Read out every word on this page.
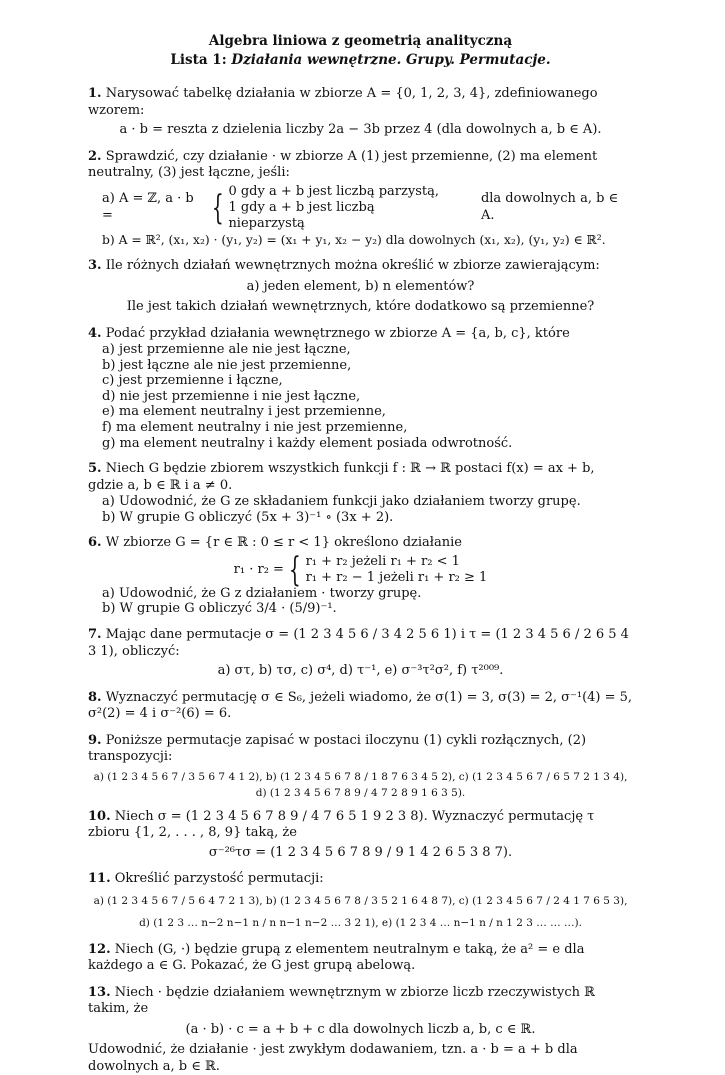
Algebra liniowa z geometrią analityczną
Lista 1: Działania wewnętrzne. Grupy. Permutacje.
1. Narysować tabelkę działania w zbiorze A = {0, 1, 2, 3, 4}, zdefiniowanego wzorem:
a · b = reszta z dzielenia liczby 2a − 3b przez 4 (dla dowolnych a, b ∈ A).
2. Sprawdzić, czy działanie · w zbiorze A (1) jest przemienne, (2) ma element neutralny, (3) jest łączne, jeśli:
a) A = ℤ, a · b =	{ 0 gdy a + b jest liczbą parzystą,
1 gdy a + b jest liczbą nieparzystą
dla dowolnych a, b ∈ A.
b) A = ℝ², (x₁, x₂) · (y₁, y₂) = (x₁ + y₁, x₂ − y₂) dla dowolnych (x₁, x₂), (y₁, y₂) ∈ ℝ².
3. Ile różnych działań wewnętrznych można określić w zbiorze zawierającym:
a) jeden element, b) n elementów?
Ile jest takich działań wewnętrznych, które dodatkowo są przemienne?
4. Podać przykład działania wewnętrznego w zbiorze A = {a, b, c}, które
a) jest przemienne ale nie jest łączne,
b) jest łączne ale nie jest przemienne,
c) jest przemienne i łączne,
d) nie jest przemienne i nie jest łączne,
e) ma element neutralny i jest przemienne,
f) ma element neutralny i nie jest przemienne,
g) ma element neutralny i każdy element posiada odwrotność.
5. Niech G będzie zbiorem wszystkich funkcji f : ℝ → ℝ postaci f(x) = ax + b, gdzie a, b ∈ ℝ i a ≠ 0.
a) Udowodnić, że G ze składaniem funkcji jako działaniem tworzy grupę.
b) W grupie G obliczyć (5x + 3)⁻¹ ∘ (3x + 2).
6. W zbiorze G = {r ∈ ℝ : 0 ≤ r < 1} określono działanie
r₁ · r₂ = { r₁ + r₂ jeżeli r₁ + r₂ < 1
r₁ + r₂ − 1 jeżeli r₁ + r₂ ≥ 1
a) Udowodnić, że G z działaniem · tworzy grupę.
b) W grupie G obliczyć 3/4 · (5/9)⁻¹.
7. Mając dane permutacje σ = (1 2 3 4 5 6 / 3 4 2 5 6 1) i τ = (1 2 3 4 5 6 / 2 6 5 4 3 1), obliczyć:
a) στ, b) τσ, c) σ⁴, d) τ⁻¹, e) σ⁻³τ²σ², f) τ²⁰⁰⁹.
8. Wyznaczyć permutację σ ∈ S₆, jeżeli wiadomo, że σ(1) = 3, σ(3) = 2, σ⁻¹(4) = 5, σ²(2) = 4 i σ⁻²(6) = 6.
9. Poniższe permutacje zapisać w postaci iloczynu (1) cykli rozłącznych, (2) transpozycji:
a) (1 2 3 4 5 6 7 / 3 5 6 7 4 1 2), b) (1 2 3 4 5 6 7 8 / 1 8 7 6 3 4 5 2), c) (1 2 3 4 5 6 7 / 6 5 7 2 1 3 4), d) (1 2 3 4 5 6 7 8 9 / 4 7 2 8 9 1 6 3 5).
10. Niech σ = (1 2 3 4 5 6 7 8 9 / 4 7 6 5 1 9 2 3 8). Wyznaczyć permutację τ zbioru {1, 2, . . . , 8, 9} taką, że
σ⁻²⁶τσ = (1 2 3 4 5 6 7 8 9 / 9 1 4 2 6 5 3 8 7).
11. Określić parzystość permutacji:
a) (1 2 3 4 5 6 7 / 5 6 4 7 2 1 3), b) (1 2 3 4 5 6 7 8 / 3 5 2 1 6 4 8 7), c) (1 2 3 4 5 6 7 / 2 4 1 7 6 5 3),
d) (1 2 3 … n−2 n−1 n / n n−1 n−2 … 3 2 1), e) (1 2 3 4 … n−1 n / n 1 2 3 … … …).
12. Niech (G, ·) będzie grupą z elementem neutralnym e taką, że a² = e dla każdego a ∈ G. Pokazać, że G jest grupą abelową.
13. Niech · będzie działaniem wewnętrznym w zbiorze liczb rzeczywistych ℝ takim, że
(a · b) · c = a + b + c dla dowolnych liczb a, b, c ∈ ℝ.
Udowodnić, że działanie · jest zwykłym dodawaniem, tzn. a · b = a + b dla dowolnych a, b ∈ ℝ.
